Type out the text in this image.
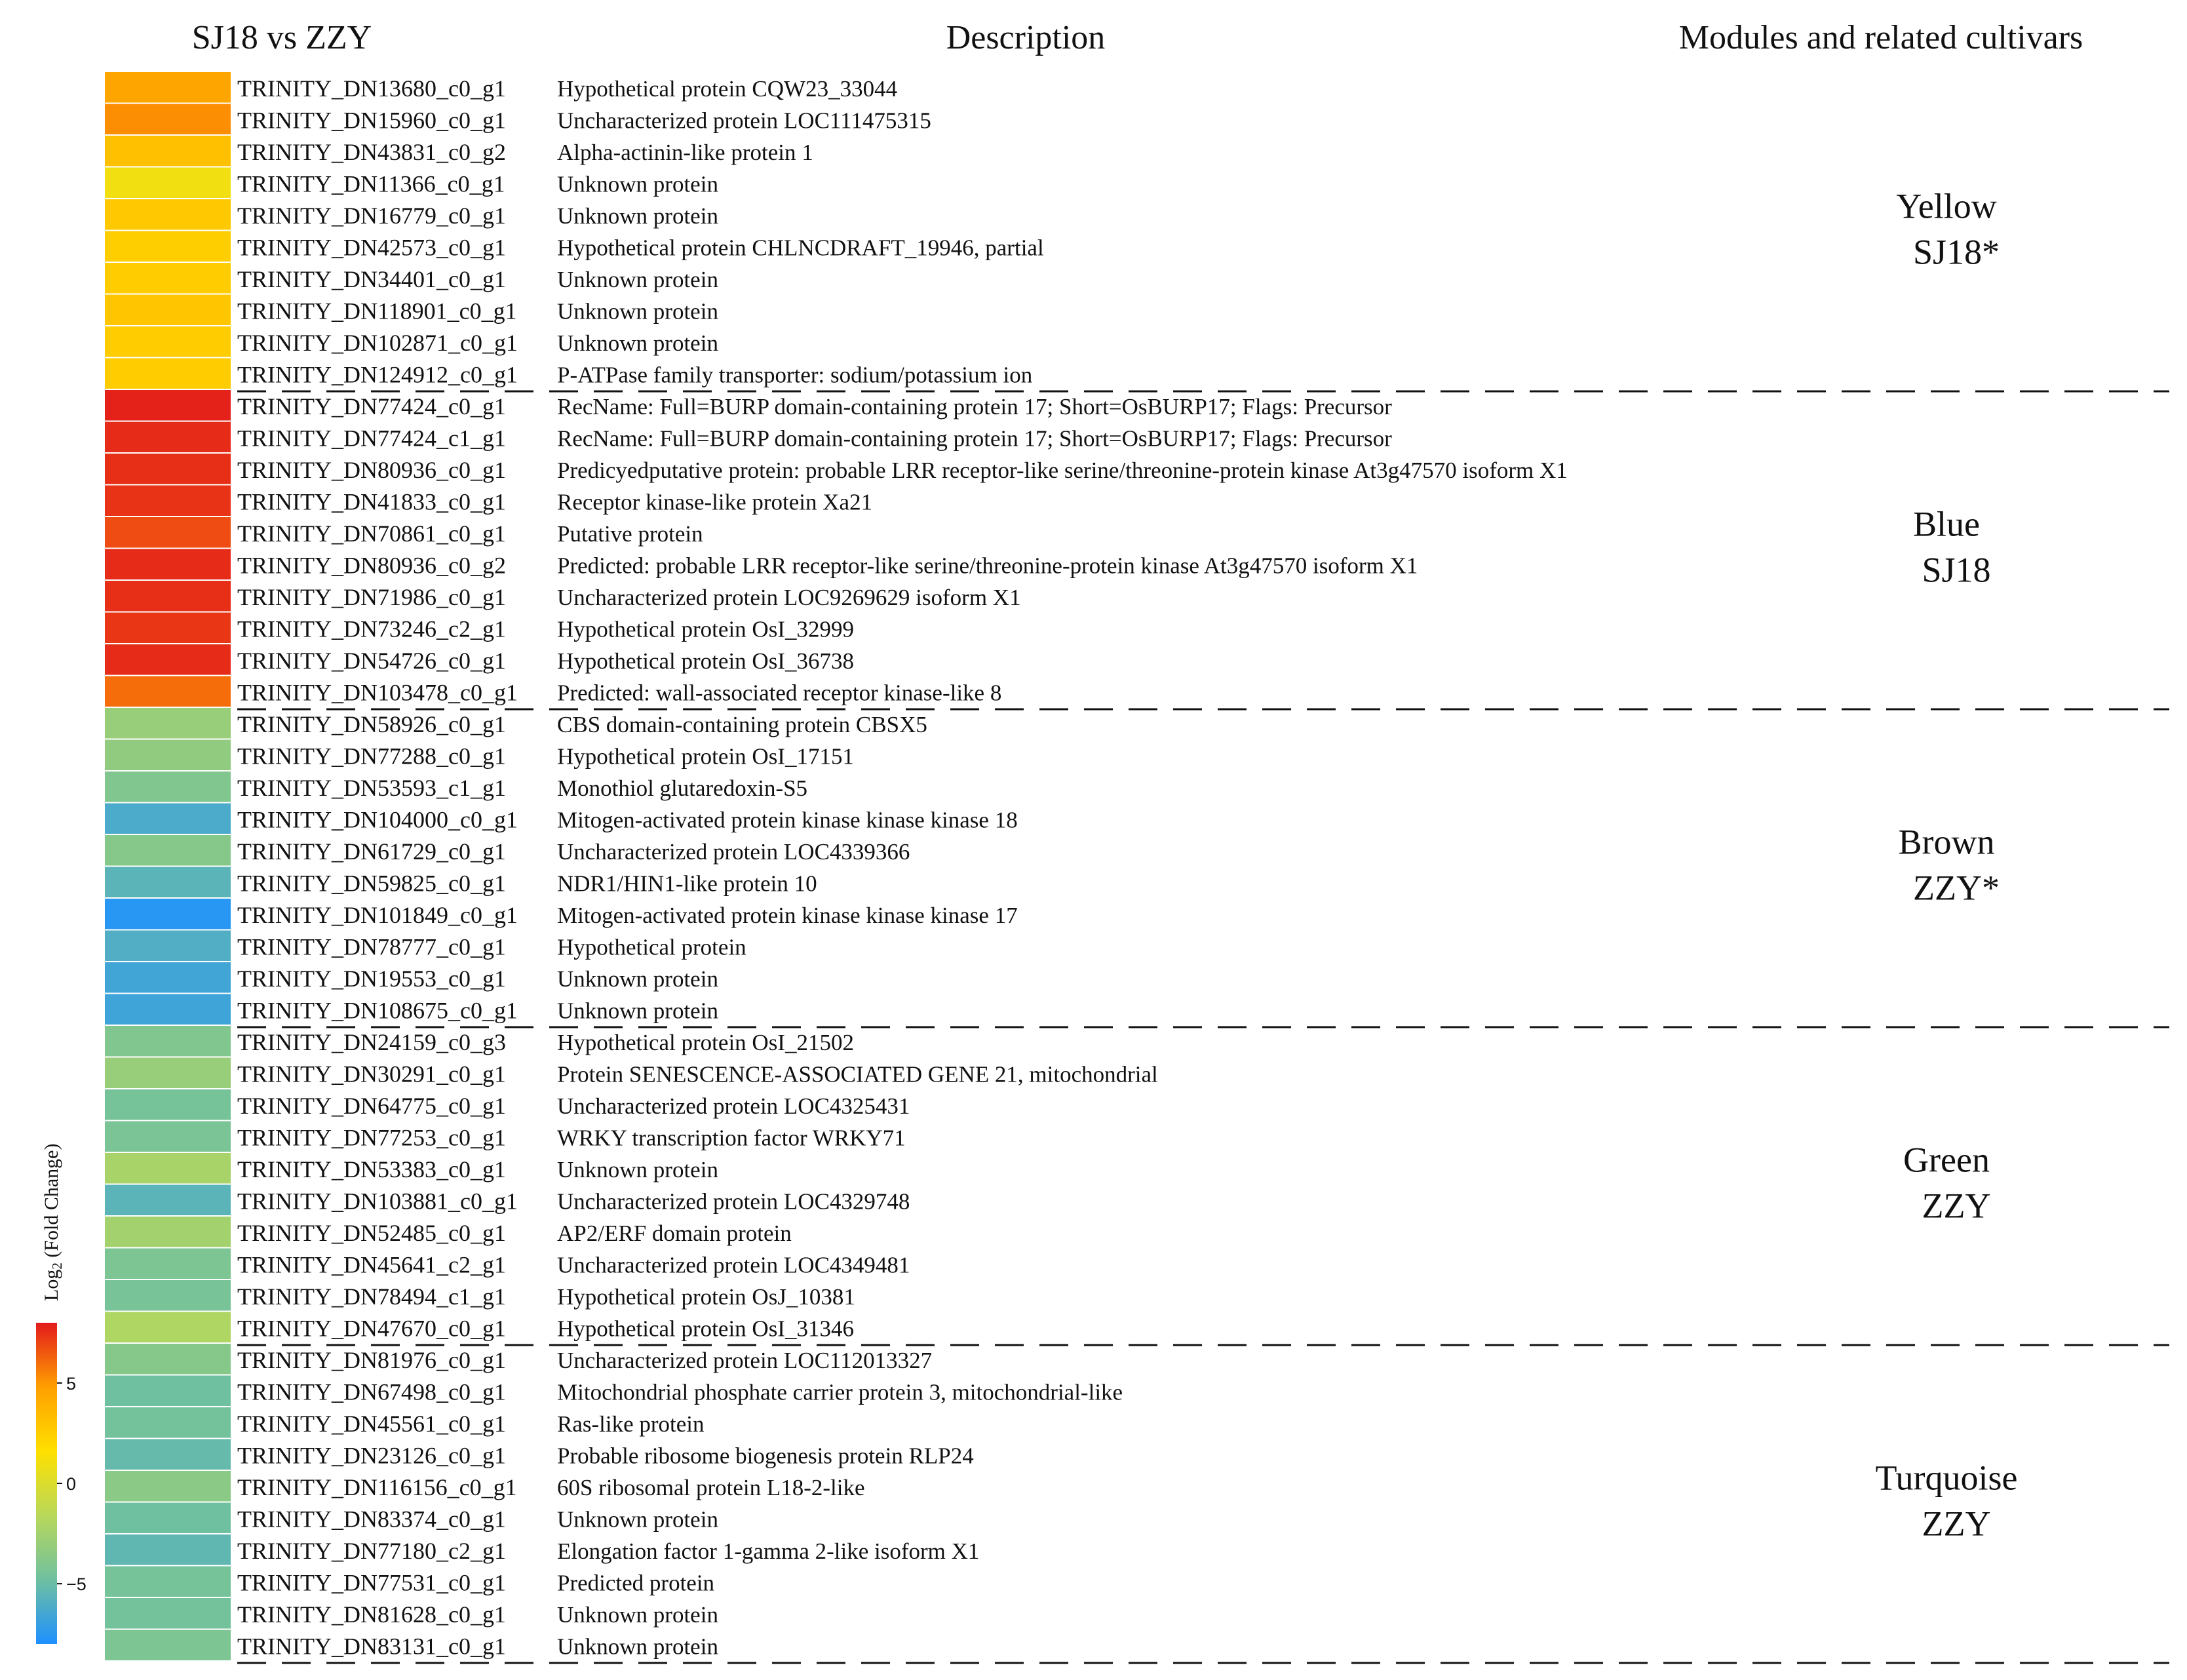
SJ18 vs ZZY	Description	Modules and related cultivars
TRINITY_DN13680_c0_g1
TRINITY_DN15960_c0_g1
TRINITY_DN43831_c0_g2
TRINITY_DN11366_c0_g1
TRINITY_DN16779_c0_g1
TRINITY_DN42573_c0_g1
TRINITY_DN34401_c0_g1
TRINITY_DN118901_c0_g1
TRINITY_DN102871_c0_g1
TRINITY_DN124912_c0_g1
TRINITY_DN77424_c0_g1
TRINITY_DN77424_c1_g1
TRINITY_DN80936_c0_g1
TRINITY_DN41833_c0_g1
TRINITY_DN70861_c0_g1
TRINITY_DN80936_c0_g2
TRINITY_DN71986_c0_g1
TRINITY_DN73246_c2_g1
TRINITY_DN54726_c0_g1
TRINITY_DN103478_c0_g1
TRINITY_DN58926_c0_g1
TRINITY_DN77288_c0_g1
TRINITY_DN53593_c1_g1
TRINITY_DN104000_c0_g1
TRINITY_DN61729_c0_g1
TRINITY_DN59825_c0_g1
TRINITY_DN101849_c0_g1
TRINITY_DN78777_c0_g1
TRINITY_DN19553_c0_g1
TRINITY_DN108675_c0_g1
TRINITY_DN24159_c0_g3
TRINITY_DN30291_c0_g1
TRINITY_DN64775_c0_g1
TRINITY_DN77253_c0_g1
TRINITY_DN53383_c0_g1
TRINITY_DN103881_c0_g1
TRINITY_DN52485_c0_g1
TRINITY_DN45641_c2_g1
TRINITY_DN78494_c1_g1
TRINITY_DN47670_c0_g1
TRINITY_DN81976_c0_g1
TRINITY_DN67498_c0_g1
TRINITY_DN45561_c0_g1
TRINITY_DN23126_c0_g1
TRINITY_DN116156_c0_g1
TRINITY_DN83374_c0_g1
TRINITY_DN77180_c2_g1
TRINITY_DN77531_c0_g1
TRINITY_DN81628_c0_g1
TRINITY_DN83131_c0_g1
Hypothetical protein CQW23_33044
Uncharacterized protein LOC111475315
Alpha-actinin-like protein 1
Unknown protein
Unknown protein
Hypothetical protein CHLNCDRAFT_19946, partial
Unknown protein
Unknown protein
Unknown protein
P-ATPase family transporter: sodium/potassium ion
RecName: Full=BURP domain-containing protein 17; Short=OsBURP17; Flags: Precursor
RecName: Full=BURP domain-containing protein 17; Short=OsBURP17; Flags: Precursor
Predicyedputative protein: probable LRR receptor-like serine/threonine-protein kinase At3g47570 isoform X1
Receptor kinase-like protein Xa21
Putative protein
Predicted: probable LRR receptor-like serine/threonine-protein kinase At3g47570 isoform X1
Uncharacterized protein LOC9269629 isoform X1
Hypothetical protein OsI_32999
Hypothetical protein OsI_36738
Predicted: wall-associated receptor kinase-like 8
CBS domain-containing protein CBSX5
Hypothetical protein OsI_17151
Monothiol glutaredoxin-S5
Mitogen-activated protein kinase kinase kinase 18
Uncharacterized protein LOC4339366
NDR1/HIN1-like protein 10
Mitogen-activated protein kinase kinase kinase 17
Hypothetical protein
Unknown protein
Unknown protein
Hypothetical protein OsI_21502
Protein SENESCENCE-ASSOCIATED GENE 21, mitochondrial
Uncharacterized protein LOC4325431
WRKY transcription factor WRKY71
Unknown protein
Uncharacterized protein LOC4329748
AP2/ERF domain protein
Uncharacterized protein LOC4349481
Hypothetical protein OsJ_10381
Hypothetical protein OsI_31346
Uncharacterized protein LOC112013327
Mitochondrial phosphate carrier protein 3, mitochondrial-like
Ras-like protein
Probable ribosome biogenesis protein RLP24
60S ribosomal protein L18-2-like
Unknown protein
Elongation factor 1-gamma 2-like isoform X1
Predicted protein
Unknown protein
Unknown protein
Yellow
SJ18*
Blue
SJ18
Brown
ZZY*
Green
ZZY
Turquoise
ZZY
5
0
−5
Log$_2$ (Fold Change)
